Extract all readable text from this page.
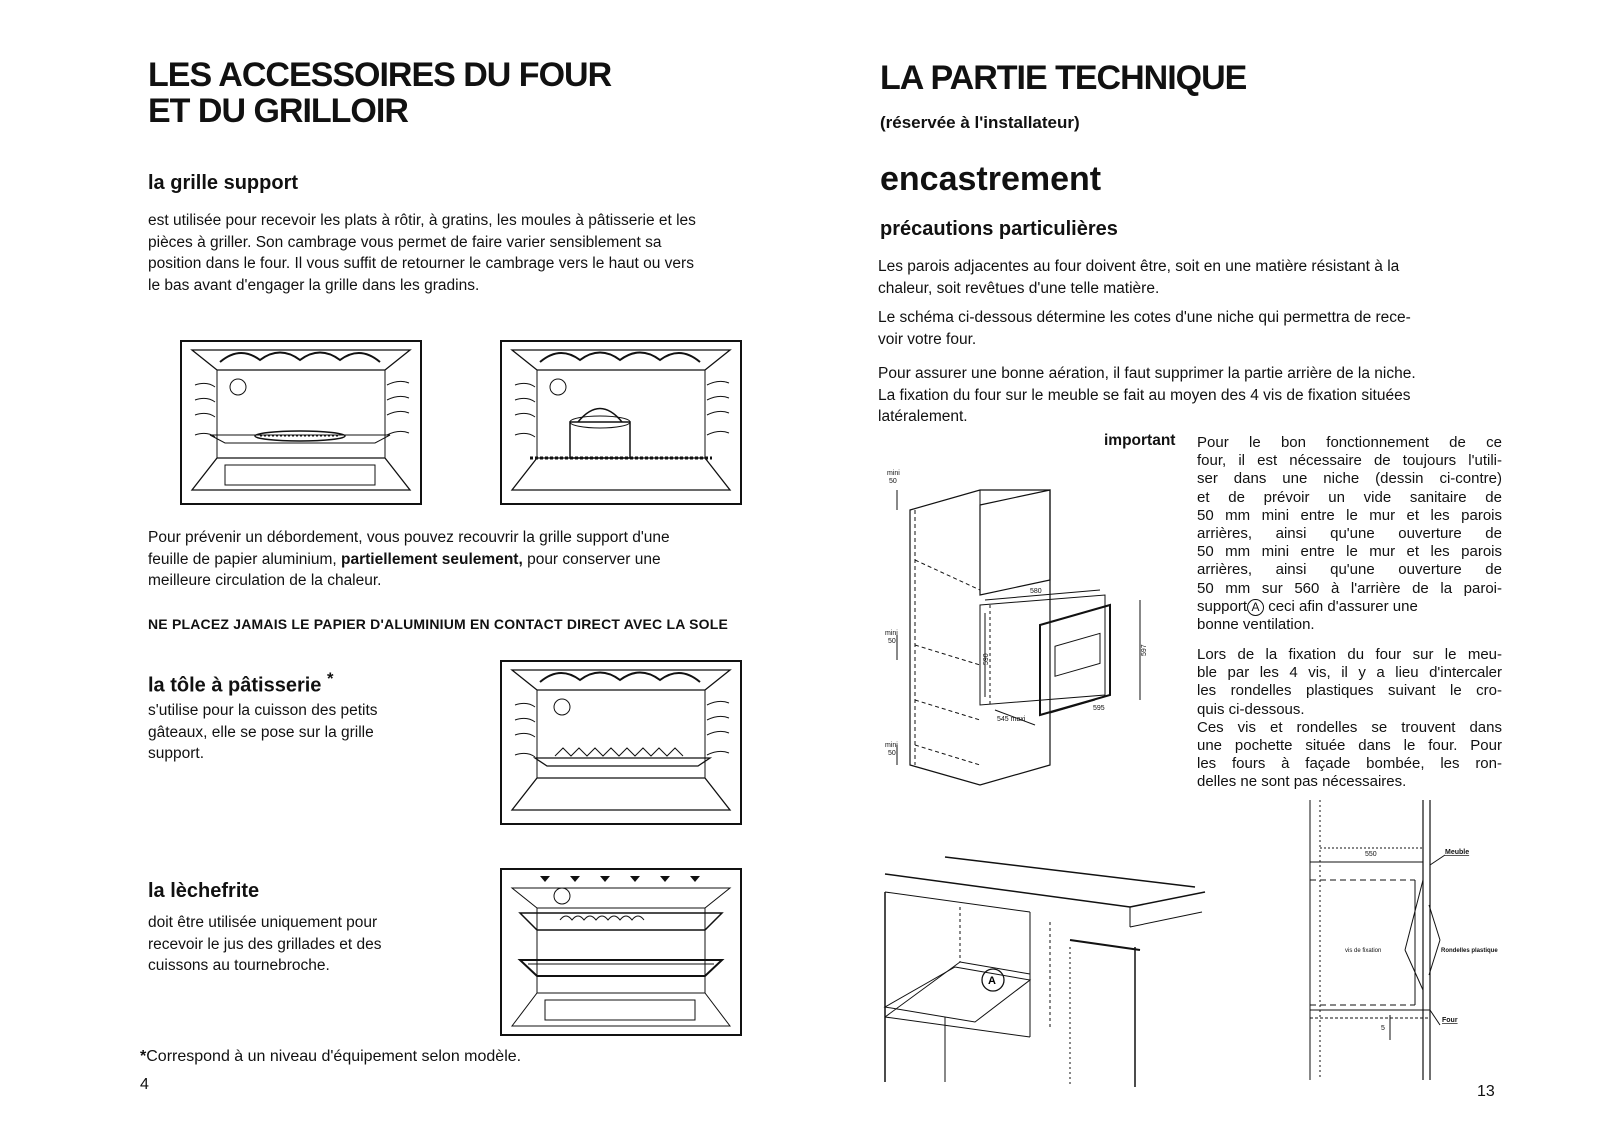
LES ACCESSOIRES DU FOUR
ET DU GRILLOIR
la grille support
est utilisée pour recevoir les plats à rôtir, à gratins, les moules à pâtisserie et les
pièces à griller. Son cambrage vous permet de faire varier sensiblement sa
position dans le four. Il vous suffit de retourner le cambrage vers le haut ou vers
le bas avant d'engager la grille dans les gradins.
Pour prévenir un débordement, vous pouvez recouvrir la grille support d'une
feuille de papier aluminium, partiellement seulement, pour conserver une
meilleure circulation de la chaleur.
NE PLACEZ JAMAIS LE PAPIER D'ALUMINIUM EN CONTACT DIRECT AVEC LA SOLE
la tôle à pâtisserie *
s'utilise pour la cuisson des petits
gâteaux, elle se pose sur la grille
support.
la lèchefrite
doit être utilisée uniquement pour
recevoir le jus des grillades et des
cuissons au tournebroche.
*Correspond à un niveau d'équipement selon modèle.
4
LA PARTIE TECHNIQUE
(réservée à l'installateur)
encastrement
précautions particulières
Les parois adjacentes au four doivent être, soit en une matière résistant à la
chaleur, soit revêtues d'une telle matière.
Le schéma ci-dessous détermine les cotes d'une niche qui permettra de rece-
voir votre four.
Pour assurer une bonne aération, il faut supprimer la partie arrière de la niche.
La fixation du four sur le meuble se fait au moyen des 4 vis de fixation situées
latéralement.
important Pour le bon fonctionnement de ce
four, il est nécessaire de toujours l'utili-
ser dans une niche (dessin ci-contre)
et de prévoir un vide sanitaire de
50 mm mini entre le mur et les parois
arrières, ainsi qu'une ouverture de
50 mm mini entre le mur et les parois
arrières, ainsi qu'une ouverture de
50 mm sur 560 à l'arrière de la paroi-
support A ceci afin d'assurer une
bonne ventilation.
Lors de la fixation du four sur le meu-
ble par les 4 vis, il y a lieu d'intercaler
les rondelles plastiques suivant le cro-
quis ci-dessous.
Ces vis et rondelles se trouvent dans
une pochette située dans le four. Pour
les fours à façade bombée, les ron-
delles ne sont pas nécessaires.
mini
50
mini
50
mini
50
580
590
597
545 maxi
595
A
550	Meuble
vis de fixation	Rondelles plastique
Four
5
13
